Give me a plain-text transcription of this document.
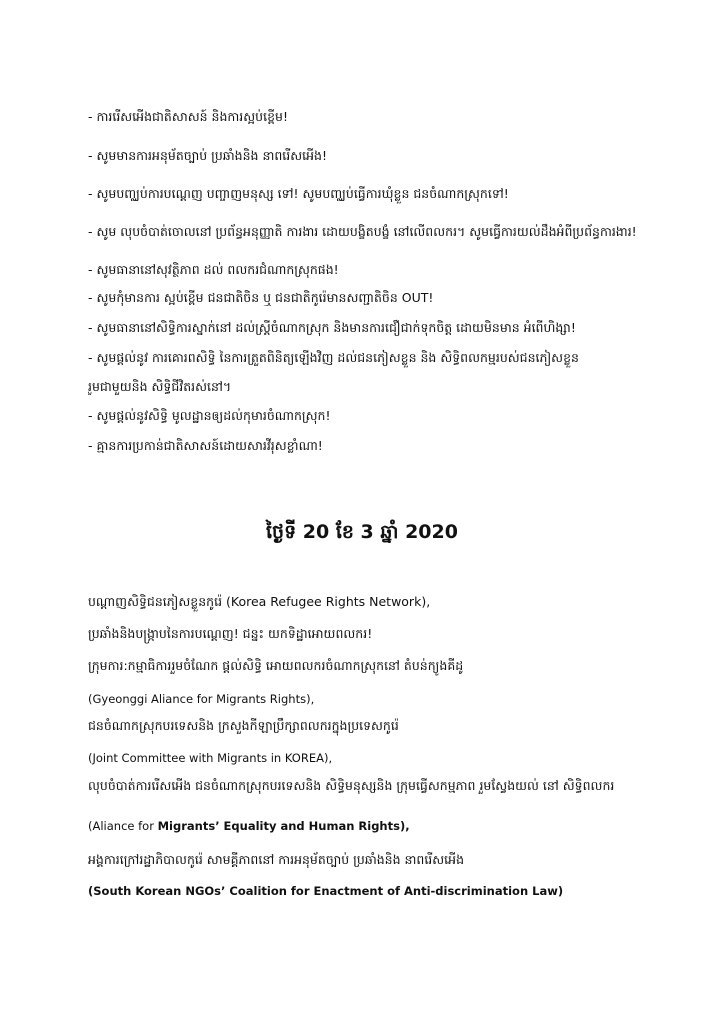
- ការរើសអើងជាតិសាសន៍ និងការស្អប់ខ្ពើម!
- សូមមានការអនុម័តច្បាប់ ប្រឆាំងនិង នាពរើសអើង!
- សូមបញ្ឈប់ការបណ្តេញ បញ្ចាញមនុស្ស ទៅ! សូមបញ្ឈប់ធ្វើការឃុំខ្លួន ជនចំណាកស្រុកទៅ!
- សូម លុបចំបាត់ចោលនៅ ប្រព័ន្ធអនុញ្ញាតិ ការងារ ដោយបង្ខិតបង្ខំ នៅលើពលករ។ សូមធ្វើការយល់ដឹងអំពីប្រព័ន្ធការងារ!
- សូមធានានៅសុវត្ថិភាព ដល់ ពលករជំណាកស្រុកផង!
- សូមកុំមានការ ស្អប់ខ្ពើម ជនជាតិចិន ឬ ជនជាតិកូរ៉េមានសញ្ជាតិចិន OUT!
- សូមធានានៅសិទ្ធិការស្នាក់នៅ ដល់ស្ត្រីចំណាកស្រុក និងមានការជឿជាក់ទុកចិត្ត ដោយមិនមាន អំពើហិង្សា!
- សូមផ្តល់នូវ ការគោរពសិទ្ធិ នៃការត្រួតពិនិត្យឡើងវិញ ដល់ជនភៀសខ្លួន និង សិទ្ធិពលកម្មរបស់ជនភៀសខ្លួន
រួមជាមួយនិង សិទ្ធិជីវិតរស់នៅ។
- សូមផ្តល់នូវសិទ្ធិ មូលដ្ឋានឲ្យដល់កុមារចំណាកស្រុក!
- គ្មានការប្រកាន់ជាតិសាសន៍ដោយសារវីរុសខ្លាំណា!
ថ្ងៃទី 20 ខែ 3 ឆ្នាំ 2020
បណ្តាញសិទ្ធិជនភៀសខ្លួនកូរ៉េ (Korea Refugee Rights Network),
ប្រឆាំងនិងបង្រ្កាបនៃការបណ្តេញ! ជន្នះ យកទិដ្ឋាអោយពលករ!
ក្រុមការ:កម្មាធិការរួមចំណែក ផ្តល់សិទ្ធិ អោយពលករចំណាកស្រុកនៅ តំបន់ក្យូងគីដូ
(Gyeonggi Aliance for Migrants Rights),
ជនចំណាកស្រុកបរទេសនិង ក្រសួងកីឡាប្រឹក្សាពលករក្នុងប្រទេសកូរ៉េ
(Joint Committee with Migrants in KOREA),
លុបចំបាត់ការរើសអើង ជនចំណាកស្រុកបរទេសនិង សិទ្ធិមនុស្សនិង ក្រុមធ្វើសកម្មភាព រួមស្វែងយល់ នៅ សិទ្ធិពលករ
(Aliance for Migrants’ Equality and Human Rights),
អង្គការក្រៅរដ្ឋាភិបាលកូរ៉េ សាមគ្គីភាពនៅ ការអនុម័តច្បាប់ ប្រឆាំងនិង នាពរើសអើង
(South Korean NGOs’ Coalition for Enactment of Anti-discrimination Law)
